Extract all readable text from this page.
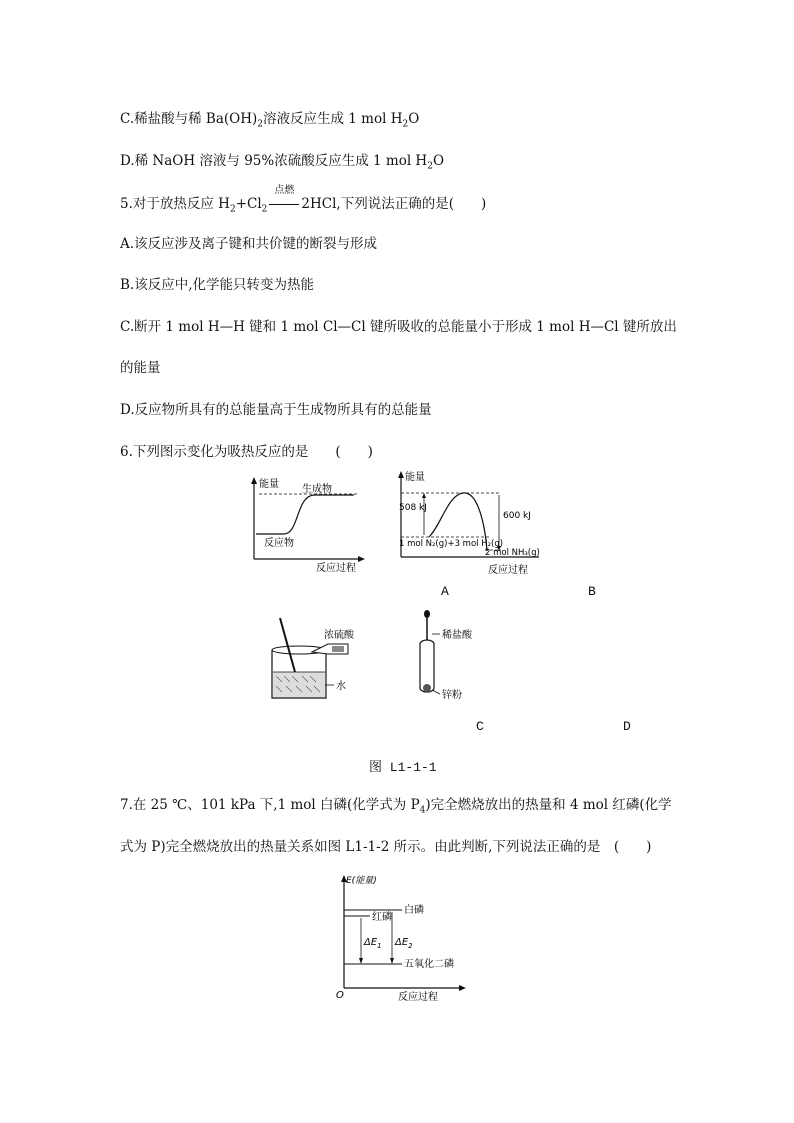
C.稀盐酸与稀 $Ba(OH)_2$溶液反应生成 1 mol $H_2O$
D.稀 NaOH 溶液与 95%浓硫酸反应生成 1 mol $H_2O$
5.对于放热反应 $H_2+Cl_2$
点燃
2HCl,下列说法正确的是(　　)
A.该反应涉及离子键和共价键的断裂与形成
B.该反应中,化学能只转变为热能
C.断开 1 mol H—H 键和 1 mol Cl—Cl 键所吸收的总能量小于形成 1 mol H—Cl 键所放出
的能量
D.反应物所具有的总能量高于生成物所具有的总能量
6.下列图示变化为吸热反应的是　　(　　)
能量 生成物
反应物
反应过程
能量
508 kJ
600 kJ
1 mol N₂(g)+3 mol H₂(g)
2 mol NH₃(g)
反应过程
A	B
浓硫酸
水
稀盐酸
锌粉
C	D
图 L1-1-1
7.在 25 ℃、101 kPa 下,1 mol 白磷(化学式为 $P_4$)完全燃烧放出的热量和 4 mol 红磷(化学
式为 P)完全燃烧放出的热量关系如图 L1-1-2 所示。由此判断,下列说法正确的是　(　　)
E(能量)
白磷
红磷
五氧化二磷
$\Delta E_1$ $\Delta E_2$
O	反应过程
